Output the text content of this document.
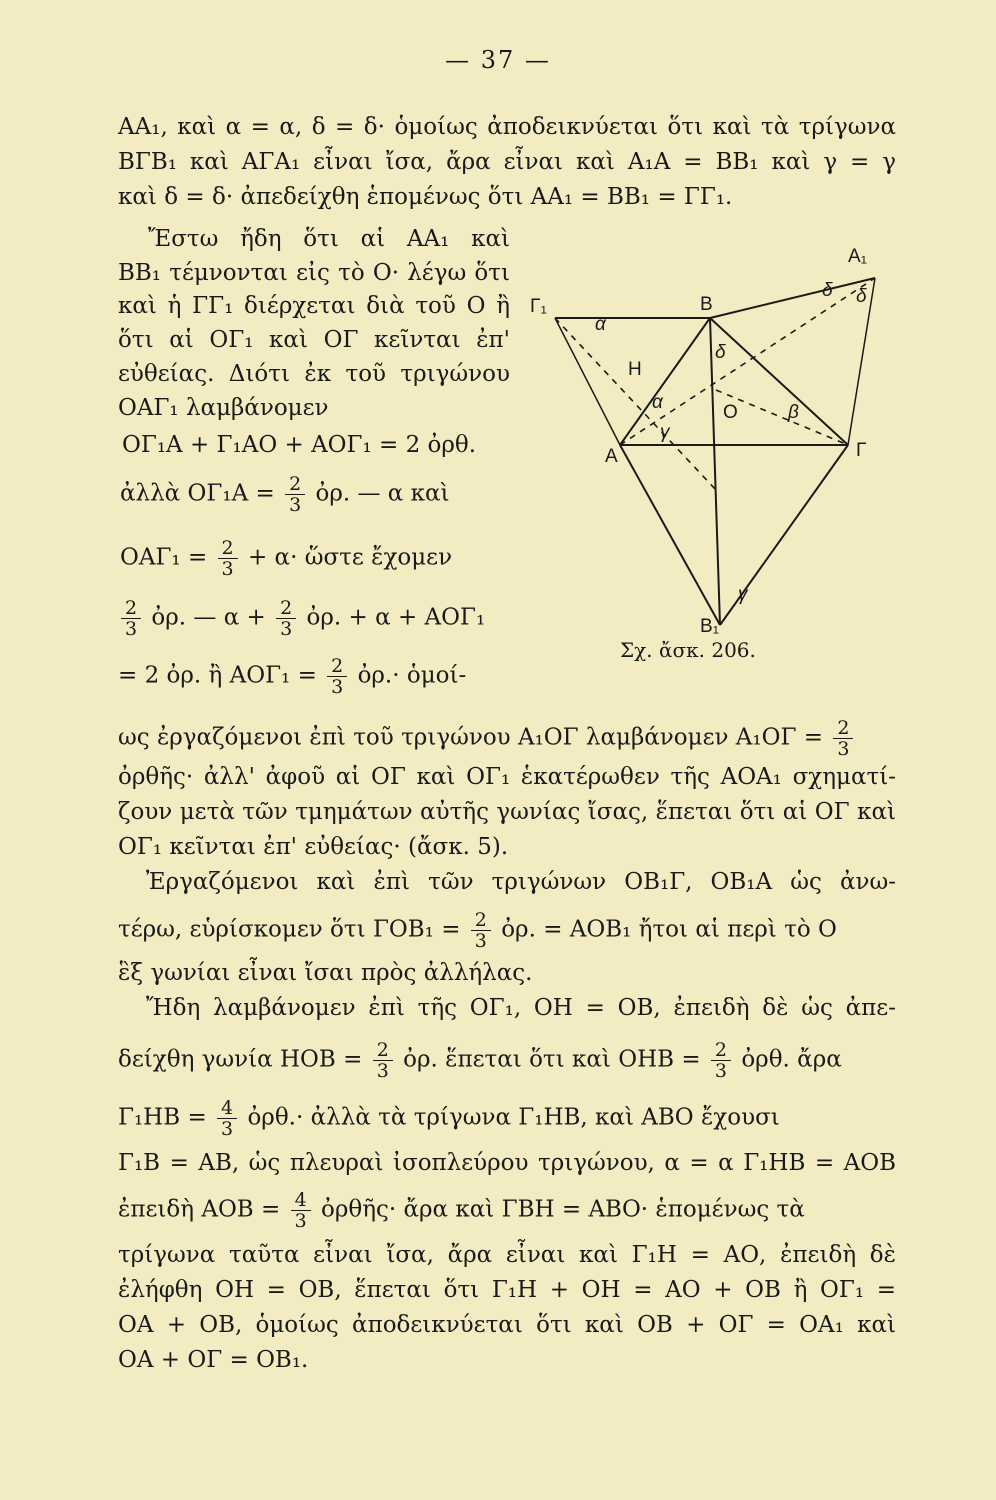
— 37 —
ΑΑ₁, καὶ α = α, δ = δ· ὁμοίως ἀποδεικνύεται ὅτι καὶ τὰ τρίγωνα
ΒΓΒ₁ καὶ ΑΓΑ₁ εἶναι ἴσα, ἄρα εἶναι καὶ Α₁Α = ΒΒ₁ καὶ γ = γ
καὶ δ = δ· ἀπεδείχθη ἑπομένως ὅτι ΑΑ₁ = ΒΒ₁ = ΓΓ₁.
Ἔστω ἤδη ὅτι αἱ ΑΑ₁ καὶ
ΒΒ₁ τέμνονται εἰς τὸ Ο· λέγω ὅτι
καὶ ἡ ΓΓ₁ διέρχεται διὰ τοῦ Ο ἢ
ὅτι αἱ ΟΓ₁ καὶ ΟΓ κεῖνται ἐπ'
εὐθείας. Διότι ἐκ τοῦ τριγώνου
ΟΑΓ₁ λαμβάνομεν
ΟΓ₁Α + Γ₁ΑΟ + ΑΟΓ₁ = 2 ὀρθ.
ἀλλὰ $O\Gamma_1A = \frac{2}{3}$ ὀρ. — α καὶ
$OA\Gamma_1 = \frac{2}{3} + \alpha\cdot$ ὥστε ἔχομεν
$\frac{2}{3}$ ὀρ. — $\alpha + \frac{2}{3}$ ὀρ. + α + ΑΟΓ₁
= 2 ὀρ. ἢ $AO\Gamma_1 = \frac{2}{3}$ ὀρ.· ὁμοί-
Α₁
Β
Γ₁
Η
Α	Γ
Β₁
Ο
α
δ
γ
α	β
γ
δ δ
Σχ. ἄσκ. 206.
ως ἐργαζόμενοι ἐπὶ τοῦ τριγώνου Α₁ΟΓ λαμβάνομεν $A_1O\Gamma = \frac{2}{3}$
ὀρθῆς· ἀλλ' ἀφοῦ αἱ ΟΓ καὶ ΟΓ₁ ἑκατέρωθεν τῆς ΑΟΑ₁ σχηματί-
ζουν μετὰ τῶν τμημάτων αὐτῆς γωνίας ἴσας, ἕπεται ὅτι αἱ ΟΓ καὶ
ΟΓ₁ κεῖνται ἐπ' εὐθείας· (ἄσκ. 5).
Ἐργαζόμενοι καὶ ἐπὶ τῶν τριγώνων ΟΒ₁Γ, ΟΒ₁Α ὡς ἀνω-
τέρω, εὑρίσκομεν ὅτι $\Gamma OB_1 = \frac{2}{3}$ ὀρ. = ΑΟΒ₁ ἤτοι αἱ περὶ τὸ Ο
ἓξ γωνίαι εἶναι ἴσαι πρὸς ἀλλήλας.
Ἤδη λαμβάνομεν ἐπὶ τῆς ΟΓ₁, ΟΗ = ΟΒ, ἐπειδὴ δὲ ὡς ἀπε-
δείχθη γωνία $HOB = \frac{2}{3}$ ὀρ. ἕπεται ὅτι καὶ $OHB = \frac{2}{3}$ ὀρθ. ἄρα
$\Gamma_1HB = \frac{4}{3}$ ὀρθ.· ἀλλὰ τὰ τρίγωνα Γ₁ΗΒ, καὶ ΑΒΟ ἔχουσι
Γ₁Β = ΑΒ, ὡς πλευραὶ ἰσοπλεύρου τριγώνου, α = α Γ₁ΗΒ = ΑΟΒ
ἐπειδὴ $AOB = \frac{4}{3}$ ὀρθῆς· ἄρα καὶ ΓΒΗ = ΑΒΟ· ἑπομένως τὰ
τρίγωνα ταῦτα εἶναι ἴσα, ἄρα εἶναι καὶ Γ₁Η = ΑΟ, ἐπειδὴ δὲ
ἐλήφθη ΟΗ = ΟΒ, ἕπεται ὅτι Γ₁Η + ΟΗ = ΑΟ + ΟΒ ἢ ΟΓ₁ =
ΟΑ + ΟΒ, ὁμοίως ἀποδεικνύεται ὅτι καὶ ΟΒ + ΟΓ = ΟΑ₁ καὶ
ΟΑ + ΟΓ = ΟΒ₁.
